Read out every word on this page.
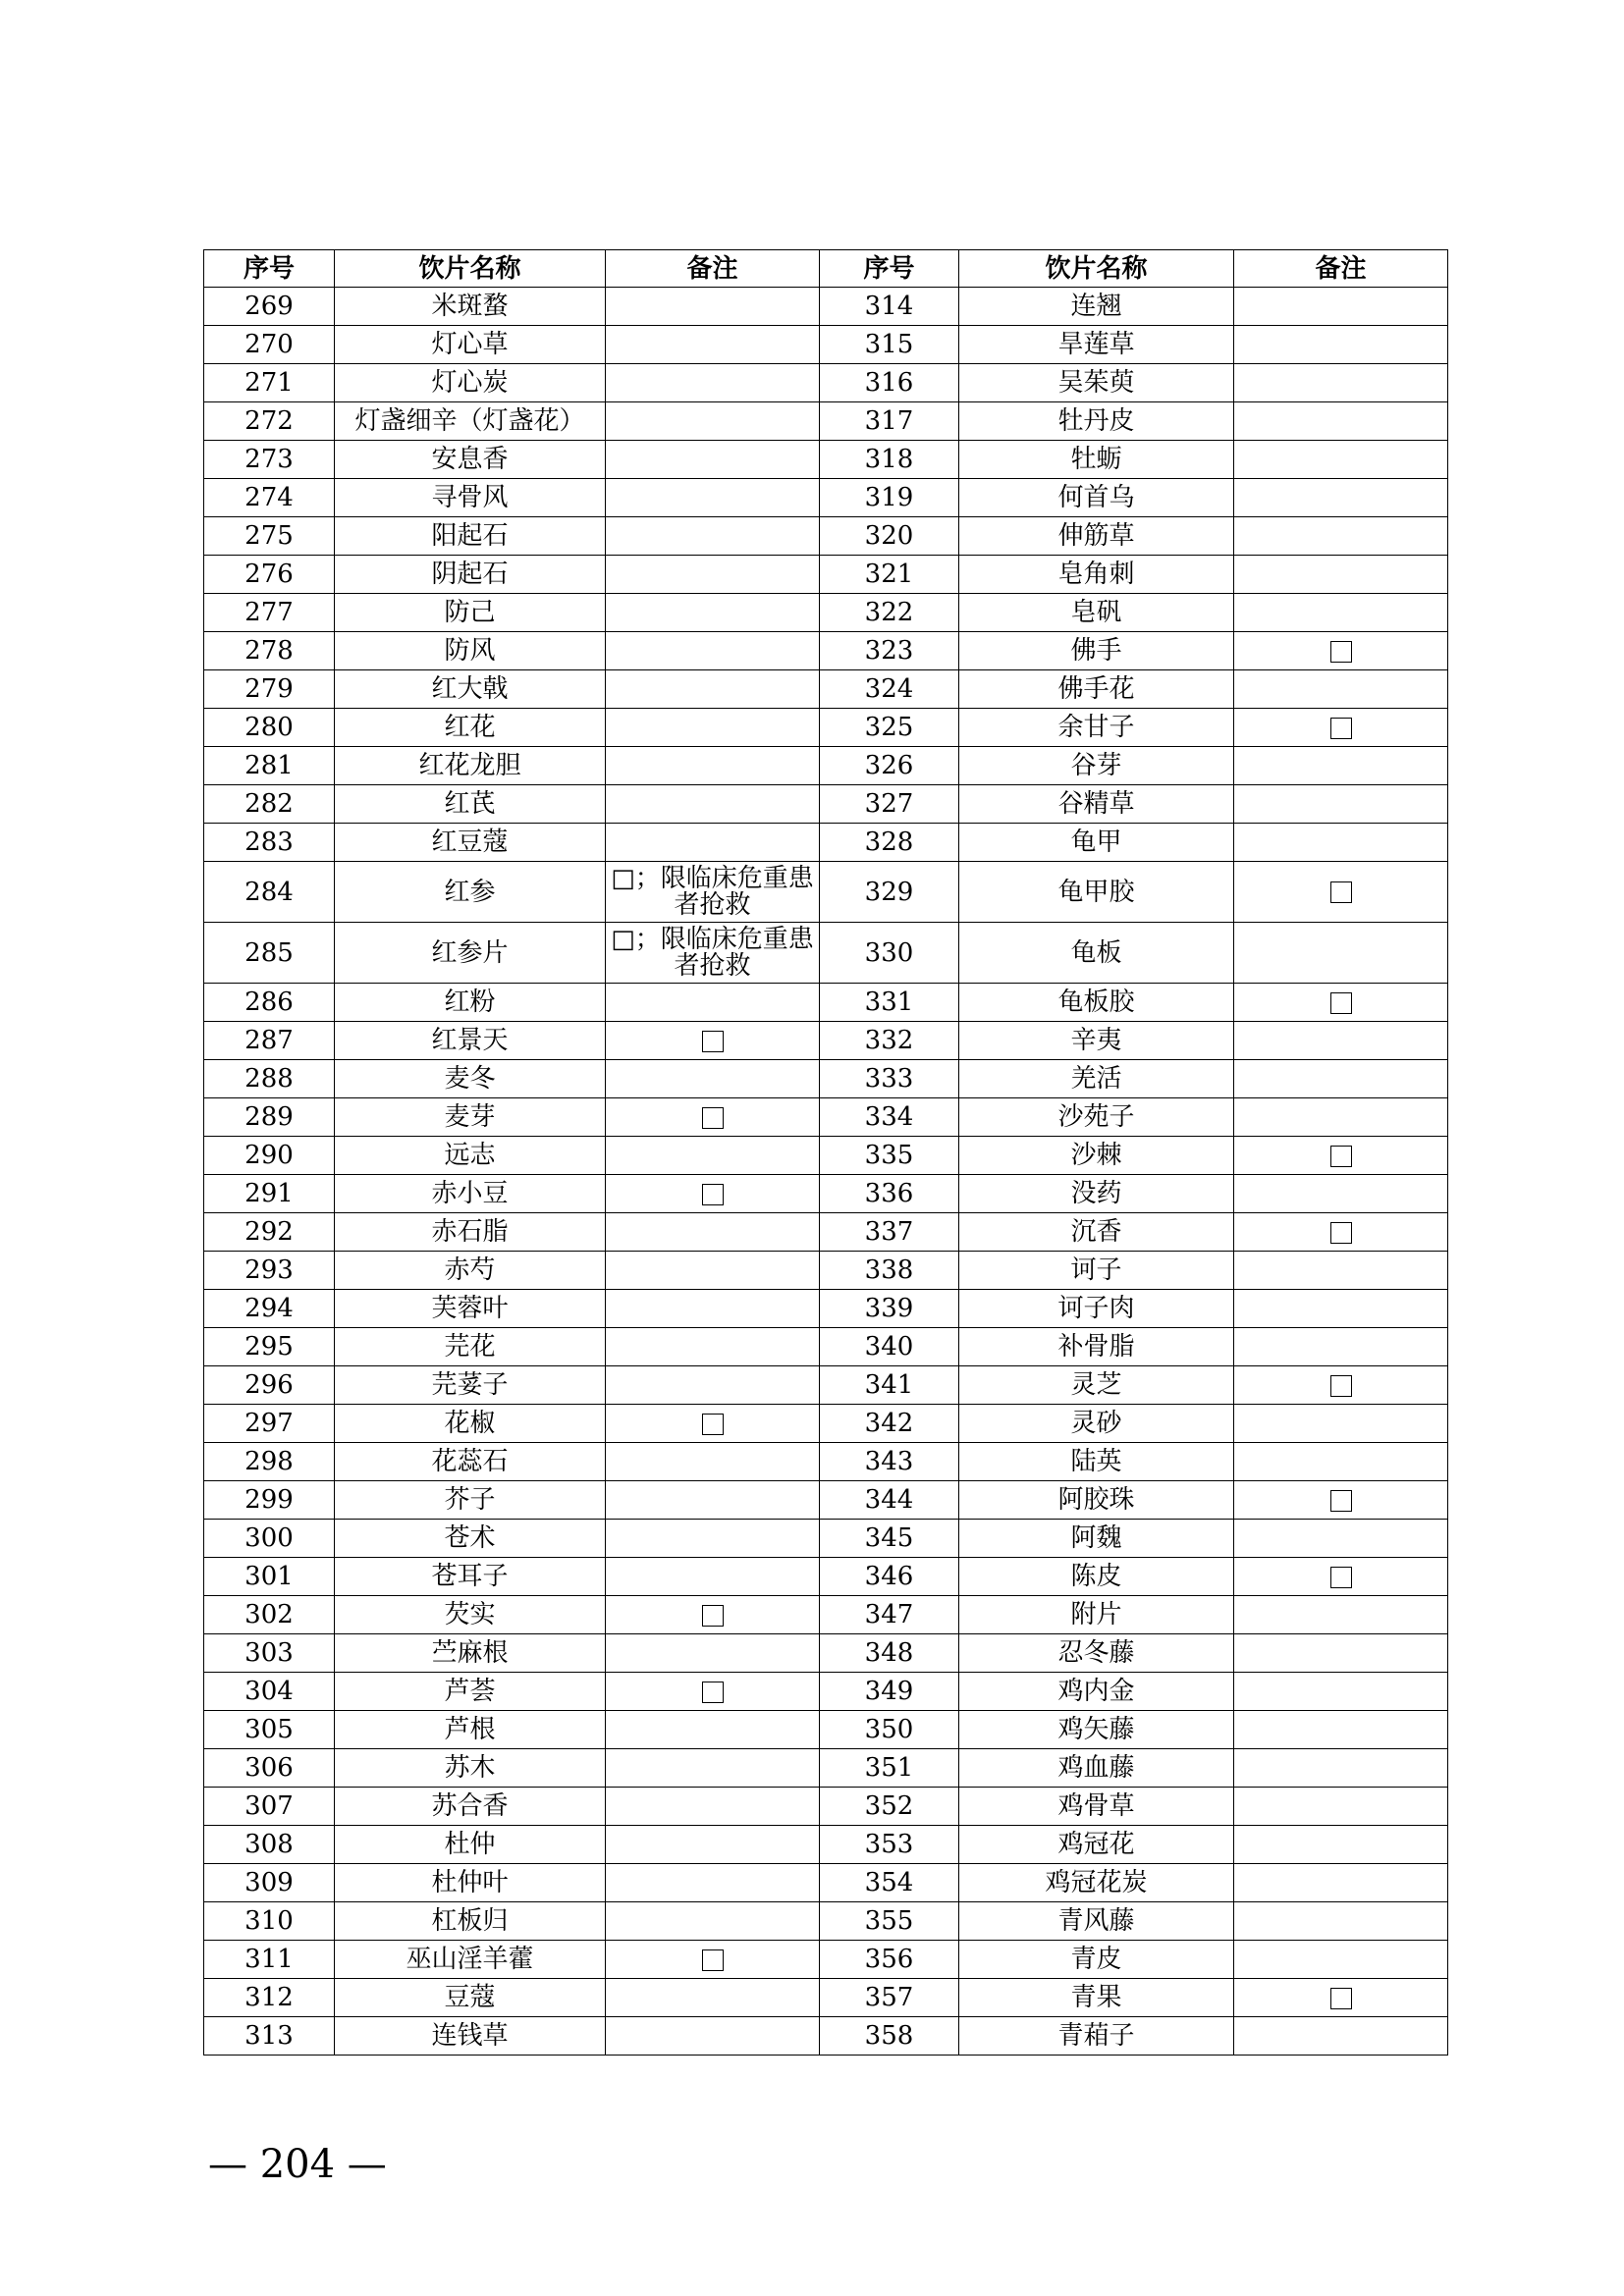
序号	饮片名称	备注	序号	饮片名称	备注
269	米斑蝥		314	连翘	
270	灯心草		315	旱莲草	
271	灯心炭		316	吴茱萸	
272	灯盏细辛（灯盏花）		317	牡丹皮	
273	安息香		318	牡蛎	
274	寻骨风		319	何首乌	
275	阳起石		320	伸筋草	
276	阴起石		321	皂角刺	
277	防己		322	皂矾	
278	防风		323	佛手	
279	红大戟		324	佛手花	
280	红花		325	余甘子	
281	红花龙胆		326	谷芽	
282	红芪		327	谷精草	
283	红豆蔻		328	龟甲	
284	红参	□；限临床危重患者抢救	329	龟甲胶	
285	红参片	□；限临床危重患者抢救	330	龟板	
286	红粉		331	龟板胶	
287	红景天		332	辛夷	
288	麦冬		333	羌活	
289	麦芽		334	沙苑子	
290	远志		335	沙棘	
291	赤小豆		336	没药	
292	赤石脂		337	沉香	
293	赤芍		338	诃子	
294	芙蓉叶		339	诃子肉	
295	芫花		340	补骨脂	
296	芫荽子		341	灵芝	
297	花椒		342	灵砂	
298	花蕊石		343	陆英	
299	芥子		344	阿胶珠	
300	苍术		345	阿魏	
301	苍耳子		346	陈皮	
302	芡实		347	附片	
303	苎麻根		348	忍冬藤	
304	芦荟		349	鸡内金	
305	芦根		350	鸡矢藤	
306	苏木		351	鸡血藤	
307	苏合香		352	鸡骨草	
308	杜仲		353	鸡冠花	
309	杜仲叶		354	鸡冠花炭	
310	杠板归		355	青风藤	
311	巫山淫羊藿		356	青皮	
312	豆蔻		357	青果	
313	连钱草		358	青葙子	
— 204 —
